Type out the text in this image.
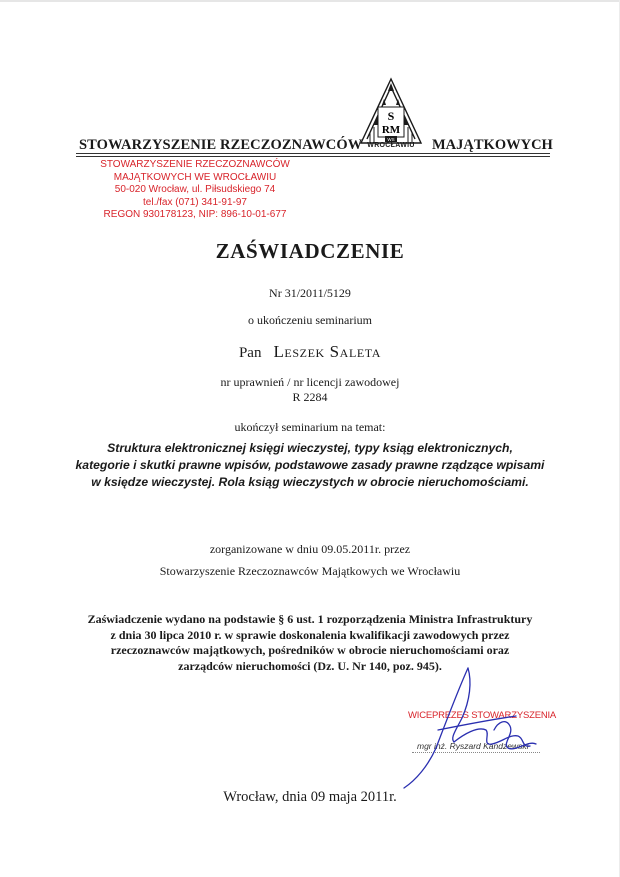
STOWARZYSZENIE RZECZOZNAWCÓW	MAJĄTKOWYCH
S
RM
WS
WROCŁAWIU
STOWARZYSZENIE RZECZOZNAWCÓW
MAJĄTKOWYCH WE WROCŁAWIU
50-020 Wrocław, ul. Piłsudskiego 74
tel./fax (071) 341-91-97
REGON 930178123, NIP: 896-10-01-677
ZAŚWIADCZENIE
Nr 31/2011/5129
o ukończeniu seminarium
Pan Leszek Saleta
nr uprawnień / nr licencji zawodowej
R 2284
ukończył seminarium na temat:
Struktura elektronicznej księgi wieczystej, typy ksiąg elektronicznych,
kategorie i skutki prawne wpisów, podstawowe zasady prawne rządzące wpisami
w księdze wieczystej. Rola ksiąg wieczystych w obrocie nieruchomościami.
zorganizowane w dniu 09.05.2011r. przez
Stowarzyszenie Rzeczoznawców Majątkowych we Wrocławiu
Zaświadczenie wydano na podstawie § 6 ust. 1 rozporządzenia Ministra Infrastruktury
z dnia 30 lipca 2010 r. w sprawie doskonalenia kwalifikacji zawodowych przez
rzeczoznawców majątkowych, pośredników w obrocie nieruchomościami oraz
zarządców nieruchomości (Dz. U. Nr 140, poz. 945).
WICEPREZES STOWARZYSZENIA
mgr inż. Ryszard Kandzewski
Wrocław, dnia 09 maja 2011r.
